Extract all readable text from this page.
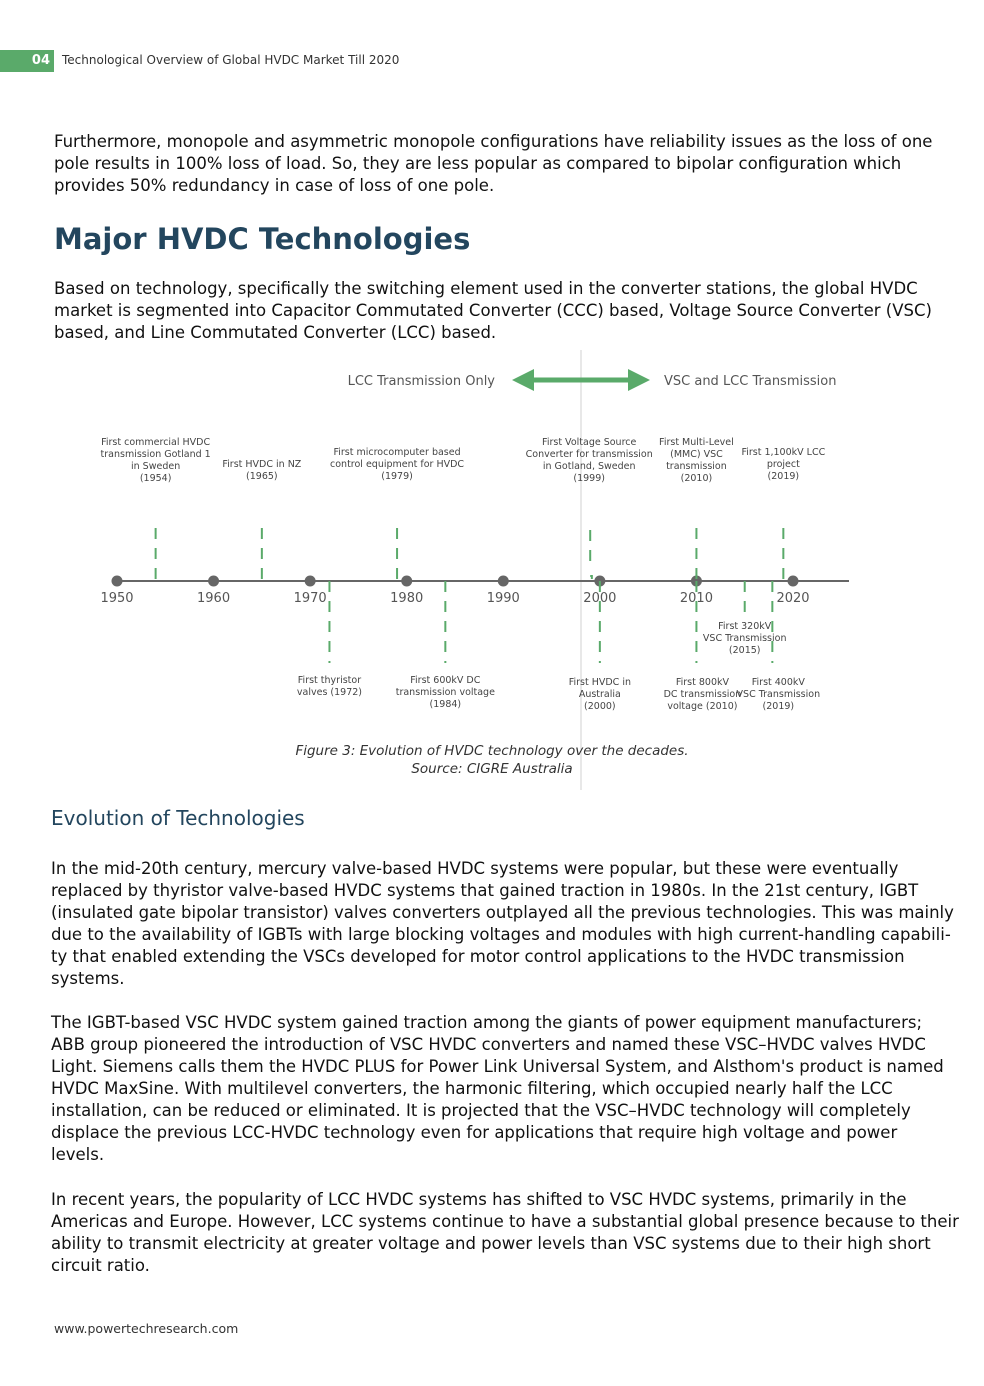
04	Technological Overview of Global HVDC Market Till 2020

Furthermore, monopole and asymmetric monopole configurations have reliability issues as the loss of one
pole results in 100% loss of load. So, they are less popular as compared to bipolar configuration which
provides 50% redundancy in case of loss of one pole.

Major HVDC Technologies

Based on technology, specifically the switching element used in the converter stations, the global HVDC
market is segmented into Capacitor Commutated Converter (CCC) based, Voltage Source Converter (VSC)
based, and Line Commutated Converter (LCC) based.

LCC Transmission Only	VSC and LCC Transmission
1950	1960	1970	1980	1990	2000	2010	2020
First commercial HVDC
transmission Gotland 1
in Sweden
(1954)
First HVDC in NZ
(1965)
First microcomputer based
control equipment for HVDC
(1979)
First Voltage Source
Converter for transmission
in Gotland, Sweden
(1999)
First Multi-Level
(MMC) VSC
transmission
(2010)
First 1,100kV LCC
project
(2019)
First thyristor
valves (1972)
First 600kV DC
transmission voltage
(1984)
First HVDC in
Australia
(2000)
First 320kV
VSC Transmission
(2015)
First 800kV
DC transmission
voltage (2010)
First 400kV
VSC Transmission
(2019)
Figure 3: Evolution of HVDC technology over the decades.
Source: CIGRE Australia
Evolution of Technologies

In the mid-20th century, mercury valve-based HVDC systems were popular, but these were eventually
replaced by thyristor valve-based HVDC systems that gained traction in 1980s. In the 21st century, IGBT
(insulated gate bipolar transistor) valves converters outplayed all the previous technologies. This was mainly
due to the availability of IGBTs with large blocking voltages and modules with high current-handling capabili-
ty that enabled extending the VSCs developed for motor control applications to the HVDC transmission
systems.

The IGBT-based VSC HVDC system gained traction among the giants of power equipment manufacturers;
ABB group pioneered the introduction of VSC HVDC converters and named these VSC–HVDC valves HVDC
Light. Siemens calls them the HVDC PLUS for Power Link Universal System, and Alsthom's product is named
HVDC MaxSine. With multilevel converters, the harmonic filtering, which occupied nearly half the LCC
installation, can be reduced or eliminated. It is projected that the VSC–HVDC technology will completely
displace the previous LCC-HVDC technology even for applications that require high voltage and power
levels.

In recent years, the popularity of LCC HVDC systems has shifted to VSC HVDC systems, primarily in the
Americas and Europe. However, LCC systems continue to have a substantial global presence because to their
ability to transmit electricity at greater voltage and power levels than VSC systems due to their high short
circuit ratio.

www.powertechresearch.com
